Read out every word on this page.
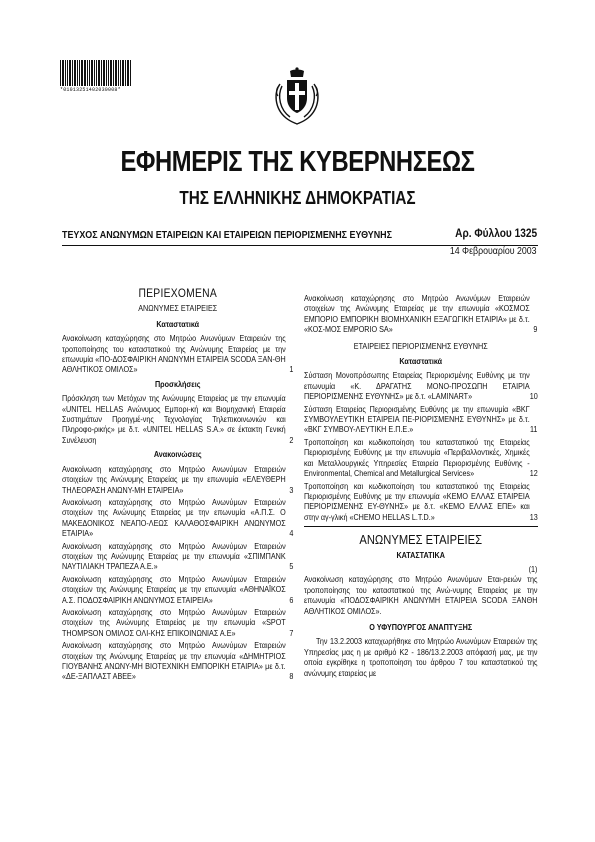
*01013251402030008*
ΕΦΗΜΕΡΙΣ ΤΗΣ ΚΥΒΕΡΝΗΣΕΩΣ
ΤΗΣ ΕΛΛΗΝΙΚΗΣ ΔΗΜΟΚΡΑΤΙΑΣ
ΤΕΥΧΟΣ ΑΝΩΝΥΜΩΝ ΕΤΑΙΡΕΙΩΝ ΚΑΙ ΕΤΑΙΡΕΙΩΝ ΠΕΡΙΟΡΙΣΜΕΝΗΣ ΕΥΘΥΝΗΣ	Αρ. Φύλλου 1325
14 Φεβρουαρίου 2003
ΠΕΡΙΕΧΟΜΕΝΑ
ΑΝΩΝΥΜΕΣ ΕΤΑΙΡΕΙΕΣ
Καταστατικά
Ανακοίνωση καταχώρησης στο Μητρώο Ανωνύμων Εταιρειών της τροποποίησης του καταστατικού της Ανώνυμης Εταιρείας με την επωνυμία «ΠΟ-ΔΟΣΦΑΙΡΙΚΗ ΑΝΩΝΥΜΗ ΕΤΑΙΡΕΙΑ SCODA ΞΑΝ-ΘΗ ΑΘΛΗΤΙΚΟΣ ΟΜΙΛΟΣ»	1
Προσκλήσεις
Πρόσκληση των Μετόχων της Ανώνυμης Εταιρείας με την επωνυμία «UNITEL HELLAS Ανώνυμος Εμπορι-κή και Βιομηχανική Εταιρεία Συστημάτων Προηγμέ-νης Τεχνολογίας Τηλεπικοινωνιών και Πληροφο-ρικής» με δ.τ. «UNITEL HELLAS S.A.» σε έκτακτη Γενική Συνέλευση	2
Ανακοινώσεις
Ανακοίνωση καταχώρησης στο Μητρώο Ανωνύμων Εταιρειών στοιχείων της Ανώνυμης Εταιρείας με την επωνυμία «ΕΛΕΥΘΕΡΗ ΤΗΛΕΟΡΑΣΗ ΑΝΩΝΥ-ΜΗ ΕΤΑΙΡΕΙΑ»	3
Ανακοίνωση καταχώρησης στο Μητρώο Ανωνύμων Εταιρειών στοιχείων της Ανώνυμης Εταιρείας με την επωνυμία «Α.Π.Σ. Ο ΜΑΚΕΔΟΝΙΚΟΣ ΝΕΑΠΟ-ΛΕΩΣ ΚΑΛΑΘΟΣΦΑΙΡΙΚΗ ΑΝΩΝΥΜΟΣ ΕΤΑΙΡΙΑ»	4
Ανακοίνωση καταχώρησης στο Μητρώο Ανωνύμων Εταιρειών στοιχείων της Ανώνυμης Εταιρείας με την επωνυμία «ΣΠΙΜΠΑΝΚ ΝΑΥΤΙΛΙΑΚΗ ΤΡΑΠΕΖΑ Α.Ε.»	5
Ανακοίνωση καταχώρησης στο Μητρώο Ανωνύμων Εταιρειών στοιχείων της Ανώνυμης Εταιρείας με την επωνυμία «ΑΘΗΝΑΪΚΟΣ Α.Σ. ΠΟΔΟΣΦΑΙΡΙΚΗ ΑΝΩΝΥΜΟΣ ΕΤΑΙΡΕΙΑ»	6
Ανακοίνωση καταχώρησης στο Μητρώο Ανωνύμων Εταιρειών στοιχείων της Ανώνυμης Εταιρείας με την επωνυμία «SPOT THOMPSON ΟΜΙΛΟΣ ΟΛΙ-ΚΗΣ ΕΠΙΚΟΙΝΩΝΙΑΣ Α.Ε»	7
Ανακοίνωση καταχώρησης στο Μητρώο Ανωνύμων Εταιρειών στοιχείων της Ανώνυμης Εταιρείας με την επωνυμία «ΔΗΜΗΤΡΙΟΣ ΓΙΟΥΒΑΝΗΣ ΑΝΩΝΥ-ΜΗ ΒΙΟΤΕΧΝΙΚΗ ΕΜΠΟΡΙΚΗ ΕΤΑΙΡΙΑ» με δ.τ. «ΔΕ-ΞΑΠΛΑΣΤ ΑΒΕΕ»	8
Ανακοίνωση καταχώρησης στο Μητρώο Ανωνύμων Εταιρειών στοιχείων της Ανώνυμης Εταιρείας με την επωνυμία «ΚΟΣΜΟΣ ΕΜΠΟΡΙΟ ΕΜΠΟΡΙΚΗ ΒΙΟΜΗΧΑΝΙΚΗ ΕΞΑΓΩΓΙΚΗ ΕΤΑΙΡΙΑ» με δ.τ. «ΚΟΣ-ΜΟΣ EMPORIO SA»	9
ΕΤΑΙΡΕΙΕΣ ΠΕΡΙΟΡΙΣΜΕΝΗΣ ΕΥΘΥΝΗΣ
Καταστατικά
Σύσταση Μονοπρόσωπης Εταιρείας Περιορισμένης Ευθύνης με την επωνυμία «Κ. ΔΡΑΓΑΤΗΣ ΜΟΝΟ-ΠΡΟΣΩΠΗ ΕΤΑΙΡΙΑ ΠΕΡΙΟΡΙΣΜΕΝΗΣ ΕΥΘΥΝΗΣ» με δ.τ. «LAMINART»	10
Σύσταση Εταιρείας Περιορισμένης Ευθύνης με την επωνυμία «ΒΚΓ ΣΥΜΒΟΥΛΕΥΤΙΚΗ ΕΤΑΙΡΕΙΑ ΠΕ-ΡΙΟΡΙΣΜΕΝΗΣ ΕΥΘΥΝΗΣ» με δ.τ. «ΒΚΓ ΣΥΜΒΟΥ-ΛΕΥΤΙΚΗ Ε.Π.Ε.»	11
Τροποποίηση και κωδικοποίηση του καταστατικού της Εταιρείας Περιορισμένης Ευθύνης με την επωνυμία «Περιβαλλοντικές, Χημικές και Μεταλλουργικές Υπηρεσίες Εταιρεία Περιορισμένης Ευθύνης - Environmental, Chemical and Metallurgical Services»	12
Τροποποίηση και κωδικοποίηση του καταστατικού της Εταιρείας Περιορισμένης Ευθύνης με την επωνυμία «ΚΕΜΟ ΕΛΛΑΣ ΕΤΑΙΡΕΙΑ ΠΕΡΙΟΡΙΣΜΕΝΗΣ ΕΥ-ΘΥΝΗΣ» με δ.τ. «ΚΕΜΟ ΕΛΛΑΣ ΕΠΕ» και στην αγ-γλική «CHEMO HELLAS L.T.D.»	13
ΑΝΩΝΥΜΕΣ ΕΤΑΙΡΕΙΕΣ
ΚΑΤΑΣΤΑΤΙΚΑ
(1)
Ανακοίνωση καταχώρησης στο Μητρώο Ανωνύμων Εται-ρειών της τροποποίησης του καταστατικού της Ανώ-νυμης Εταιρείας με την επωνυμία «ΠΟΔΟΣΦΑΙΡΙΚΗ ΑΝΩΝΥΜΗ ΕΤΑΙΡΕΙΑ SCODA ΞΑΝΘΗ ΑΘΛΗΤΙΚΟΣ ΟΜΙΛΟΣ».
Ο ΥΦΥΠΟΥΡΓΟΣ ΑΝΑΠΤΥΞΗΣ
Την 13.2.2003 καταχωρήθηκε στο Μητρώο Ανωνύμων Εταιρειών της Υπηρεσίας μας η με αριθμό Κ2 - 186/13.2.2003 απόφασή μας, με την οποία εγκρίθηκε η τροποποίηση του άρθρου 7 του καταστατικού της ανώνυμης εταιρείας με
